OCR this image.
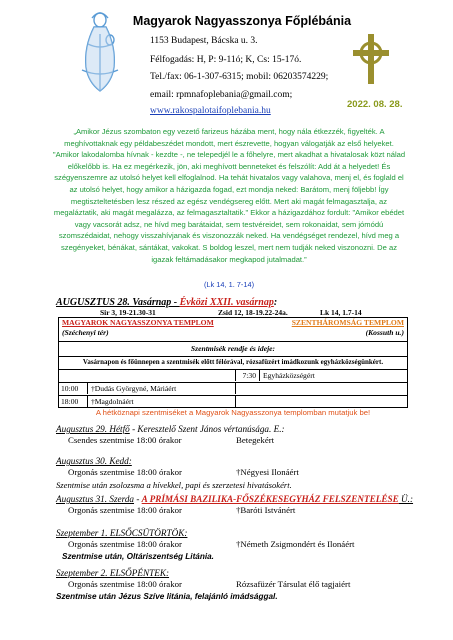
Magyarok Nagyasszonya Főplébánia
1153 Budapest, Bácska u. 3.
Félfogadás: H, P: 9-11ó; K, Cs: 15-17ó.
Tel./fax: 06-1-307-6315; mobil: 06203574229;
email: rpmnafoplebania@gmail.com;
www.rakospalotaifoplebania.hu
2022. 08. 28.
„Amikor Jézus szombaton egy vezető farizeus házába ment, hogy nála étkezzék, figyelték. A meghívottaknak egy példabeszédet mondott, mert észrevette, hogyan válogatják az első helyeket. "Amikor lakodalomba hívnak - kezdte -, ne telepedjél le a főhelyre, mert akadhat a hivatalosak közt nálad előkelőbb is. Ha ez megérkezik, jön, aki meghívott benneteket és felszólít: Add át a helyedet! És szégyenszemre az utolsó helyet kell elfoglalnod. Ha tehát hivatalos vagy valahova, menj el, és foglald el az utolsó helyet, hogy amikor a házigazda fogad, ezt mondja neked: Barátom, menj följebb! Így megtiszteltetésben lesz részed az egész vendégsereg előtt. Mert aki magát felmagasztalja, az megaláztatik, aki magát megalázza, az felmagasztaltatik." Ekkor a házigazdához fordult: "Amikor ebédet vagy vacsorát adsz, ne hívd meg barátaidat, sem testvéreidet, sem rokonaidat, sem jómódú szomszédaidat, nehogy visszahívjanak és viszonozzák neked. Ha vendégséget rendezel, hívd meg a szegényeket, bénákat, sántákat, vakokat. S boldog leszel, mert nem tudják neked viszonozni. De az igazak feltámadásakor megkapod jutalmadat.”
(Lk 14, 1. 7-14)
AUGUSZTUS 28. Vasárnap - Évközi XXII. vasárnap:
Sir 3, 19-21.30-31	Zsid 12, 18-19.22-24a.	Lk 14, 1.7-14
MAGYAROK NAGYASSZONYA TEMPLOM	SZENTHÁROMSÁG TEMPLOM
(Széchenyi tér)	(Kossuth u.)
Szentmisék rendje és ideje:
Vasárnapon és főünnepen a szentmisék előtt félórával, rózsafüzért imádkozunk egyházközségünkért.
7:30 Egyházközségért
10:00 †Dudás Györgyné, Máriáért
18:00 †Magdolnáért
A hétköznapi szentmiséket a Magyarok Nagyasszonya templomban mutatjuk be!
Augusztus 29. Hétfő - Keresztelő Szent János vértanúsága. E.:
Csendes szentmise 18:00 órakor	Betegekért
Augusztus 30. Kedd:
Orgonás szentmise 18:00 órakor	†Négyesi Ilonáért
Szentmise után zsolozsma a hívekkel, papi és szerzetesi hivatásokért.
Augusztus 31. Szerda - A PRÍMÁSI BAZILIKA-FŐSZÉKESEGYHÁZ FELSZENTELÉSE Ü.:
Orgonás szentmise 18:00 órakor	†Baróti Istvánért
Szeptember 1. ELSŐCSÜTÖRTÖK:
Orgonás szentmise 18:00 órakor	†Németh Zsigmondért és Ilonáért
Szentmise után, Oltáriszentség Litánia.
Szeptember 2. ELSŐPÉNTEK:
Orgonás szentmise 18:00 órakor	Rózsafüzér Társulat élő tagjaiért
Szentmise után Jézus Szíve litánia, felajánló imádsággal.
